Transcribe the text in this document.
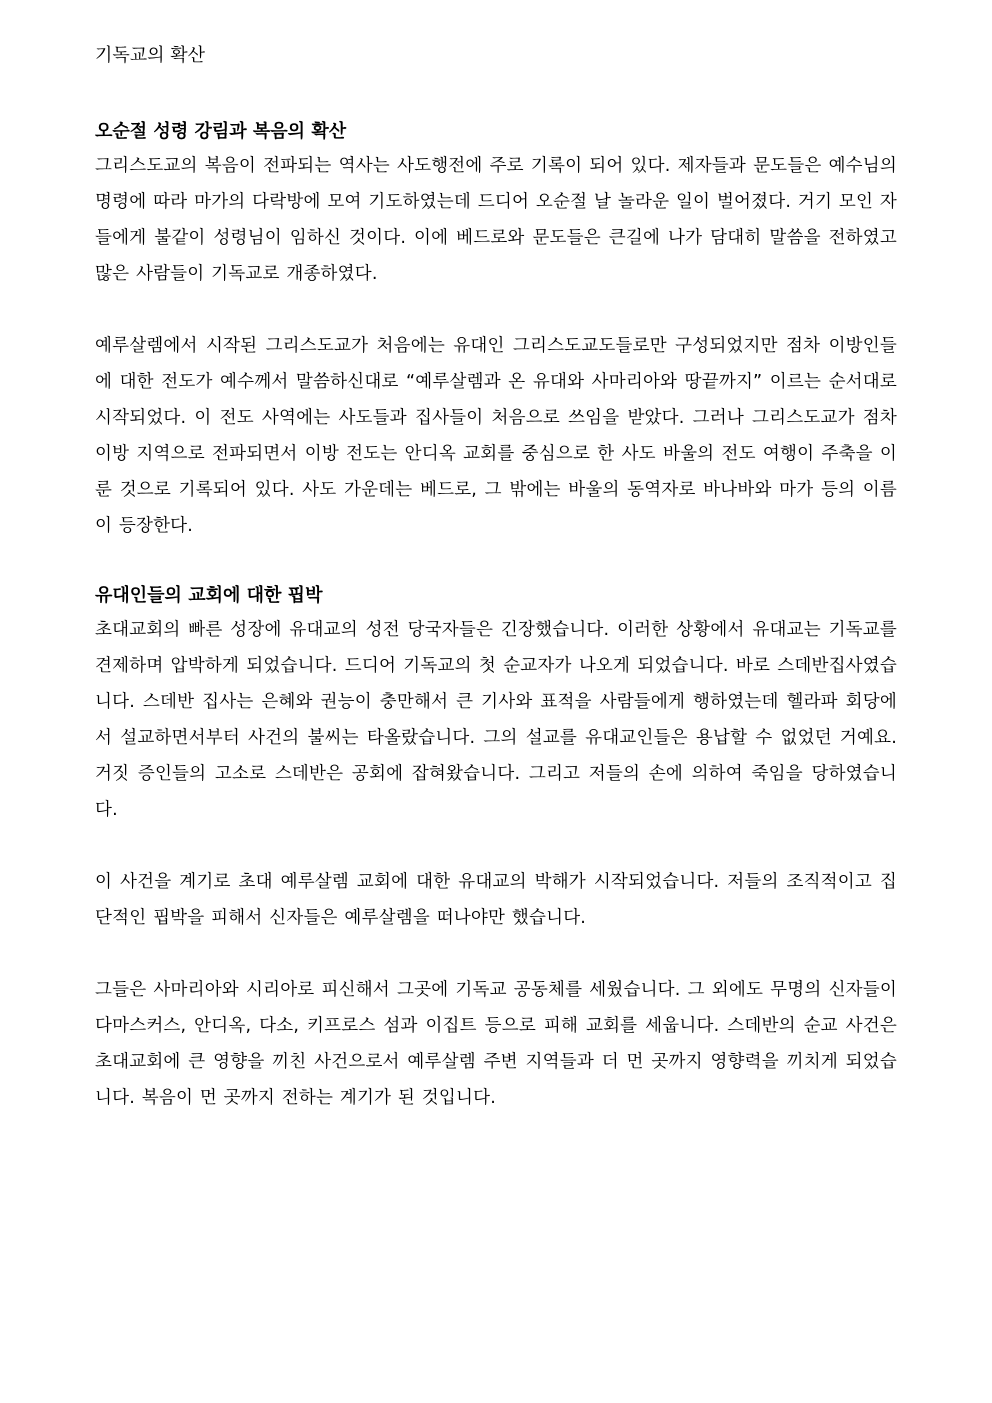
기독교의 확산
오순절 성령 강림과 복음의 확산

그리스도교의 복음이 전파되는 역사는 사도행전에 주로 기록이 되어 있다. 제자들과 문도들은 예수님의 명령에 따라 마가의 다락방에 모여 기도하였는데 드디어 오순절 날 놀라운 일이 벌어졌다. 거기 모인 자들에게 불같이 성령님이 임하신 것이다. 이에 베드로와 문도들은 큰길에 나가 담대히 말씀을 전하였고 많은 사람들이 기독교로 개종하였다.

예루살렘에서 시작된 그리스도교가 처음에는 유대인 그리스도교도들로만 구성되었지만 점차 이방인들에 대한 전도가 예수께서 말씀하신대로 “예루살렘과 온 유대와 사마리아와 땅끝까지” 이르는 순서대로 시작되었다. 이 전도 사역에는 사도들과 집사들이 처음으로 쓰임을 받았다. 그러나 그리스도교가 점차 이방 지역으로 전파되면서 이방 전도는 안디옥 교회를 중심으로 한 사도 바울의 전도 여행이 주축을 이룬 것으로 기록되어 있다. 사도 가운데는 베드로, 그 밖에는 바울의 동역자로 바나바와 마가 등의 이름이 등장한다.

유대인들의 교회에 대한 핍박

초대교회의 빠른 성장에 유대교의 성전 당국자들은 긴장했습니다. 이러한 상황에서 유대교는 기독교를 견제하며 압박하게 되었습니다. 드디어 기독교의 첫 순교자가 나오게 되었습니다. 바로 스데반집사였습니다. 스데반 집사는 은혜와 권능이 충만해서 큰 기사와 표적을 사람들에게 행하였는데 헬라파 회당에서 설교하면서부터 사건의 불씨는 타올랐습니다. 그의 설교를 유대교인들은 용납할 수 없었던 거예요. 거짓 증인들의 고소로 스데반은 공회에 잡혀왔습니다. 그리고 저들의 손에 의하여 죽임을 당하였습니다.

이 사건을 계기로 초대 예루살렘 교회에 대한 유대교의 박해가 시작되었습니다. 저들의 조직적이고 집단적인 핍박을 피해서 신자들은 예루살렘을 떠나야만 했습니다.

그들은 사마리아와 시리아로 피신해서 그곳에 기독교 공동체를 세웠습니다. 그 외에도 무명의 신자들이 다마스커스, 안디옥, 다소, 키프로스 섬과 이집트 등으로 피해 교회를 세웁니다. 스데반의 순교 사건은 초대교회에 큰 영향을 끼친 사건으로서 예루살렘 주변 지역들과 더 먼 곳까지 영향력을 끼치게 되었습니다. 복음이 먼 곳까지 전하는 계기가 된 것입니다.
